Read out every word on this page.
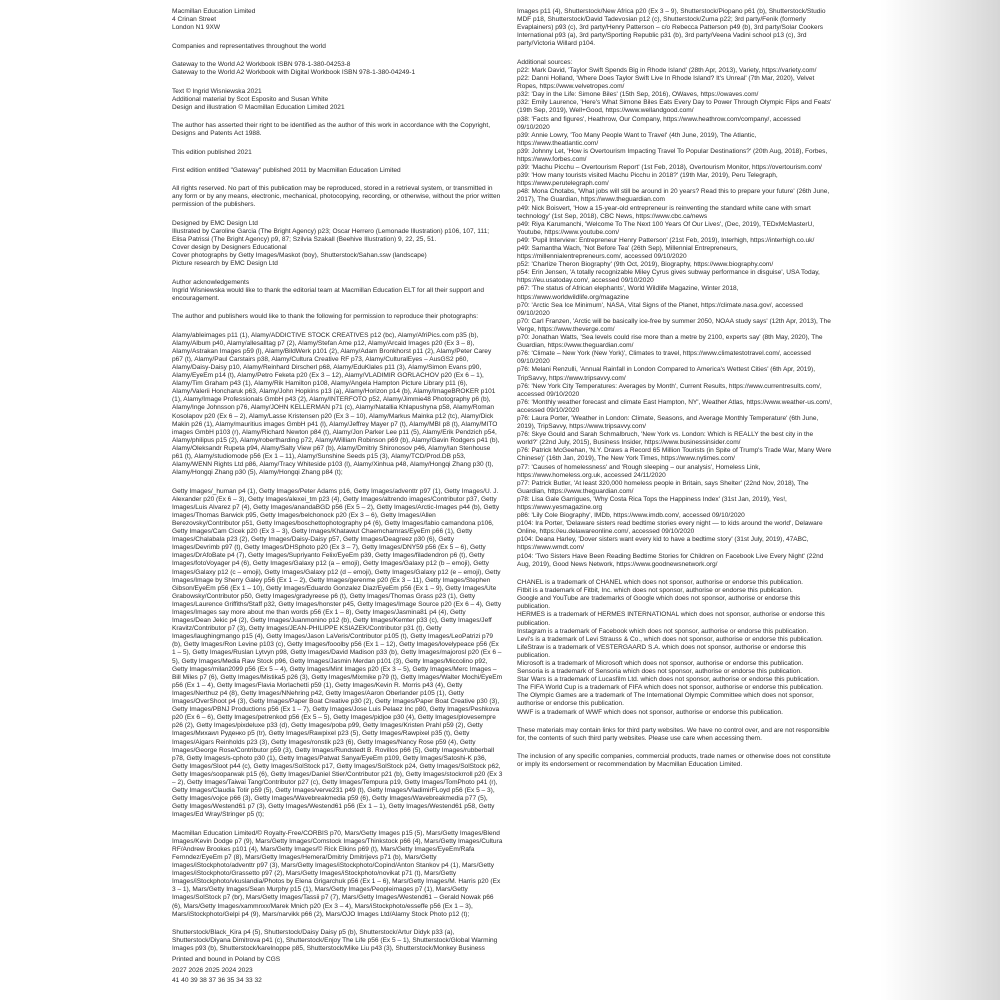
Macmillan Education Limited
4 Crinan Street
London N1 9XW

Companies and representatives throughout the world

Gateway to the World A2 Workbook ISBN 978-1-380-04253-8
Gateway to the World A2 Workbook with Digital Workbook ISBN 978-1-380-04249-1

Text © Ingrid Wisniewska 2021
Additional material by Scot Esposito and Susan White
Design and illustration © Macmillan Education Limited 2021

The author has asserted their right to be identified as the author of this work in accordance with the Copyright, Designs and Patents Act 1988.

This edition published 2021

First edition entitled "Gateway" published 2011 by Macmillan Education Limited

All rights reserved. No part of this publication may be reproduced, stored in a retrieval system, or transmitted in any form or by any means, electronic, mechanical, photocopying, recording, or otherwise, without the prior written permission of the publishers.

Designed by EMC Design Ltd
Illustrated by Caroline Garcia (The Bright Agency) p23; Oscar Herrero (Lemonade Illustration) p106, 107, 111; Elisa Patrissi (The Bright Agency) p9, 87; Szilvia Szakall (Beehive Illustration) 9, 22, 25, 51.
Cover design by Designers Educational
Cover photographs by Getty Images/Maskot (boy), Shutterstock/Sahan.ssw (landscape)
Picture research by EMC Design Ltd

Author acknowledgements
Ingrid Wisniewska would like to thank the editorial team at Macmillan Education ELT for all their support and encouragement.

The author and publishers would like to thank the following for permission to reproduce their photographs:

Alamy/ableimages p11 (1), Alamy/ADDICTIVE STOCK CREATIVES p12 (bc), Alamy/AfriPics.com p35 (b), Alamy/Album p40, Alamy/allesalltag p7 (2), Alamy/Stefan Ame p12, Alamy/Arcaid Images p20 (Ex 3 – 8), Alamy/Astrakan Images p59 (l), Alamy/BildWerk p101 (2), Alamy/Adam Bronkhorst p11 (2), Alamy/Peter Carey p67 (t), Alamy/Paul Carstairs p38, Alamy/Cultura Creative RF p73, Alamy/CulturalEyes – AusGS2 p60, Alamy/Daisy-Daisy p10, Alamy/Reinhard Dirscherl p68, Alamy/EduKlales p11 (3), Alamy/Simon Evans p90, Alamy/EyeEm p14 (t), Alamy/Petro Feketa p20 (Ex 3 – 12), Alamy/VLADIMIR GORLACHOV p20 (Ex 6 – 1), Alamy/Tim Graham p43 (1), Alamy/Rik Hamilton p108, Alamy/Angela Hampton Picture Library p11 (6), Alamy/Valerii Honcharuk p63, Alamy/John Hopkins p13 (a), Alamy/Horizon p14 (b), Alamy/ImageBROKER p101 (1), Alamy/Image Professionals GmbH p43 (2), Alamy/INTERFOTO p52, Alamy/Jimmie48 Photography p6 (b), Alamy/Inge Johnsson p76, Alamy/JOHN KELLERMAN p71 (c), Alamy/Natallia Khlapushyna p58, Alamy/Roman Kosolapov p20 (Ex 6 – 2), Alamy/Lasse Kristensen p20 (Ex 3 – 10), Alamy/Markus Mainka p12 (tc), Alamy/Dick Makin p26 (1), Alamy/mauritius images GmbH p41 (l), Alamy/Jeffrey Mayer p7 (t), Alamy/MBI p8 (t), Alamy/MITO images GmbH p103 (r), Alamy/Richard Newton p84 (t), Alamy/Jon Parker Lee p11 (5), Alamy/Erik Pendzich p54, Alamy/philipus p15 (2), Alamy/robertharding p72, Alamy/William Robinson p69 (b), Alamy/Gavin Rodgers p41 (b), Alamy/Oleksandr Rupeta p94, Alamy/Salty View p67 (b), Alamy/Dmitriy Shironosov p46, Alamy/Ian Stenhouse p61 (t), Alamy/studiomode p56 (Ex 1 – 11), Alamy/Sunshine Seeds p15 (3), Alamy/TCD/Prod.DB p53, Alamy/WENN Rights Ltd p86, Alamy/Tracy Whiteside p103 (l), Alamy/Xinhua p48, Alamy/Hongqi Zhang p30 (t), Alamy/Hongqi Zhang p30 (5), Alamy/Hongqi Zhang p84 (t);

Getty Images/_human p4 (1), Getty Images/Peter Adams p16, Getty Images/adventtr p97 (1), Getty Images/U. J. Alexander p20 (Ex 6 – 3), Getty Images/alexei_tm p23 (4), Getty Images/altrendo images/Contributor p37, Getty Images/Luis Alvarez p7 (4), Getty Images/anandaBGD p56 (Ex 5 – 2), Getty Images/Arctic-Images p44 (b), Getty Images/Thomas Barwick p95, Getty Images/belchonock p20 (Ex 3 – 6), Getty Images/Allen Berezovsky/Contributor p51, Getty Images/boschettophotography p4 (6), Getty Images/fabio camandona p106, Getty Images/Cam Cicek p20 (Ex 3 – 3), Getty Images/Khatawut Chaemchamras/EyeEm p66 (1), Getty Images/Chalabala p23 (2), Getty Images/Daisy-Daisy p57, Getty Images/Deagreez p30 (6), Getty Images/Devrimb p97 (t), Getty Images/DHSphoto p20 (Ex 3 – 7), Getty Images/DNY59 p56 (Ex 5 – 6), Getty Images/DrAfoBate p4 (7), Getty Images/Supriyanto Felix/EyeEm p39, Getty Images/filadendron p6 (t), Getty Images/fotoVoyager p4 (6), Getty Images/Galaxy p12 (a – emoji), Getty Images/Galaxy p12 (b – emoji), Getty Images/Galaxy p12 (c – emoji), Getty Images/Galaxy p12 (d – emoji), Getty Images/Galaxy p12 (e – emoji), Getty Images/Image by Sherry Galey p56 (Ex 1 – 2), Getty Images/gerenme p20 (Ex 3 – 11), Getty Images/Stephen Gibson/EyeEm p56 (Ex 1 – 10), Getty Images/Eduardo Gonzalez Diaz/EyeEm p56 (Ex 1 – 9), Getty Images/Ute Grabowsky/Contributor p50, Getty Images/gradyreese p6 (t), Getty Images/Thomas Grass p23 (1), Getty Images/Laurence Griffiths/Staff p32, Getty Images/honster p45, Getty Images/Image Source p20 (Ex 6 – 4), Getty Images/Images say more about me than words p56 (Ex 1 – 8), Getty Images/Jasmina81 p4 (4), Getty Images/Dean Jekic p4 (2), Getty Images/Juanmonino p12 (b), Getty Images/Kemter p33 (c), Getty Images/Jeff Kravitz/Contributor p7 (3), Getty Images/JEAN-PHILIPPE KSIAZEK/Contributor p31 (t), Getty Images/laughingmango p15 (4), Getty Images/Jason LaVeris/Contributor p105 (t), Getty Images/LeoPatrizi p79 (b), Getty Images/Ron Levine p103 (c), Getty Images/fooolby p56 (Ex 1 – 12), Getty Images/lovelypeace p56 (Ex 1 – 5), Getty Images/Ruslan Lytvyn p98, Getty Images/David Madison p33 (b), Getty Images/majorosl p20 (Ex 6 – 5), Getty Images/Media Raw Stock p96, Getty Images/Jasmin Merdan p101 (3), Getty Images/Miccolino p92, Getty Images/milan2099 p56 (Ex 5 – 4), Getty Images/Mint Images p20 (Ex 3 – 5), Getty Images/Merc Images – Bill Miles p7 (6), Getty Images/Mistika5 p26 (3), Getty Images/Mixmike p79 (t), Getty Images/Walter Mochi/EyeEm p56 (Ex 1 – 4), Getty Images/Flavia Morlachetti p59 (1), Getty Images/Kevin R. Morris p43 (4), Getty Images/Nerthuz p4 (8), Getty Images/NNehring p42, Getty Images/Aaron Oberlander p105 (1), Getty Images/OverShoot p4 (3), Getty Images/Paper Boat Creative p30 (2), Getty Images/Paper Boat Creative p30 (3), Getty Images/PBNJ Productions p56 (Ex 1 – 7), Getty Images/Jose Luis Pelaez Inc p80, Getty Images/Peshkova p20 (Ex 6 – 6), Getty Images/petrenkod p56 (Ex 5 – 5), Getty Images/pidjoe p30 (4), Getty Images/plovesempre p26 (2), Getty Images/pixdeluxe p33 (d), Getty Images/poba p99, Getty Images/Kristen Prahl p59 (2), Getty Images/Михаил Руденко p5 (tr), Getty Images/Rawpixel p23 (5), Getty Images/Rawpixel p35 (t), Getty Images/Aigars Reinholds p23 (3), Getty Images/ronstik p23 (6), Getty Images/Nancy Rose p59 (4), Getty Images/George Rose/Contributor p59 (3), Getty Images/Rundstedt B. Rovillos p66 (5), Getty Images/rubberball p78, Getty Images/s-cphoto p30 (1), Getty Images/Patwat Sanya/EyeEm p109, Getty Images/Satoshi-K p36, Getty Images/Sloot p44 (c), Getty Images/SolStock p17, Getty Images/SolStock p24, Getty Images/SolStock p62, Getty Images/sooparwak p15 (6), Getty Images/Daniel Stier/Contributor p21 (b), Getty Images/stockrroll p20 (Ex 3 – 2), Getty Images/Taiwai Tang/Contributor p27 (c), Getty Images/Tempura p19, Getty Images/TomPhoto p41 (r), Getty Images/Claudia Totir p59 (5), Getty Images/verve231 p49 (t), Getty Images/VladimirFLoyd p56 (Ex 5 – 3), Getty Images/vojce p66 (3), Getty Images/Wavebreakmedia p59 (6), Getty Images/Wavebreakmedia p77 (5), Getty Images/Westend61 p7 (3), Getty Images/Westend61 p56 (Ex 1 – 1), Getty Images/Westend61 p58, Getty Images/Ed Wray/Stringer p5 (t);

Macmillan Education Limited/© Royalty-Free/CORBIS p70, Mars/Getty Images p15 (5), Mars/Getty Images/Blend Images/Kevin Dodge p7 (9), Mars/Getty Images/Comstock Images/Thinkstock p66 (4), Mars/Getty Images/Cultura RF/Andrew Brookes p101 (4), Mars/Getty Images/© Rick Elkins p69 (t), Mars/Getty Images/EyeEm/Rafa Fernndez/EyeEm p7 (8), Mars/Getty Images/Hemera/Dmitriy Dmitrijevs p71 (b), Mars/Getty Images/iStockphoto/adventtr p97 (3), Mars/Getty Images/iStockphoto/Copind/Anton Stankov p4 (1), Mars/Getty Images/iStockphoto/Grassetto p97 (2), Mars/Getty Images/iStockphoto/novikat p71 (t), Mars/Getty Images/iStockphoto/vkuslandia/Photos by Elena Grigarchuk p56 (Ex 1 – 6), Mars/Getty Images/M. Harris p20 (Ex 3 – 1), Mars/Getty Images/Sean Murphy p15 (1), Mars/Getty Images/Peopleimages p7 (1), Mars/Getty Images/SolStock p7 (br), Mars/Getty Images/Tassii p7 (7), Mars/Getty Images/Westend61 – Gerald Nowak p66 (6), Mars/Getty Images/xammnxx/Marek Mnich p20 (Ex 3 – 4), Mars/iStockphoto/esseffe p56 (Ex 1 – 3), Mars/iStockphoto/Gelpi p4 (9), Mars/narvikk p66 (2), Mars/OJO Images Ltd/Alamy Stock Photo p12 (t);

Shutterstock/Black_Kira p4 (5), Shutterstock/Daisy Daisy p5 (b), Shutterstock/Artur Didyk p33 (a), Shutterstock/Diyana Dimitrova p41 (c), Shutterstock/Enjoy The Life p56 (Ex 5 – 1), Shutterstock/Global Warming Images p93 (b), Shutterstock/karelnoppe p85, Shutterstock/Mike Liu p43 (3), Shutterstock/Monkey Business

Images p11 (4), Shutterstock/New Africa p20 (Ex 3 – 9), Shutterstock/Piopano p61 (b), Shutterstock/Studio MDF p18, Shutterstock/David Tadevosian p12 (c), Shutterstock/Zuma p22; 3rd party/Fenik (formerly Evaplainers) p93 (c), 3rd party/Henry Patterson – c/o Rebecca Patterson p49 (b), 3rd party/Solar Cookers International p93 (a), 3rd party/Sporting Republic p31 (b), 3rd party/Veena Vadini school p13 (c), 3rd party/Victoria Willard p104.

Additional sources:
p22: Mark David, 'Taylor Swift Spends Big in Rhode Island' (28th Apr, 2013), Variety, https://variety.com/
p22: Danni Holland, 'Where Does Taylor Swift Live In Rhode Island? It's Unreal' (7th Mar, 2020), Velvet Ropes, https://www.velvetropes.com/
p32: 'Day in the Life: Simone Biles' (15th Sep, 2016), OWaves, https://owaves.com/
p32: Emily Laurence, 'Here's What Simone Biles Eats Every Day to Power Through Olympic Flips and Feats' (19th Sep, 2019), Well+Good, https://www.wellandgood.com/
p38: 'Facts and figures', Heathrow, Our Company, https://www.heathrow.com/company/, accessed 09/10/2020
p39: Annie Lowry, 'Too Many People Want to Travel' (4th June, 2019), The Atlantic, https://www.theatlantic.com/
p39: Johnny Let, 'How is Overtourism Impacting Travel To Popular Destinations?' (20th Aug, 2018), Forbes, https://www.forbes.com/
p39: 'Machu Picchu – Overtourism Report' (1st Feb, 2018), Overtourism Monitor, https://overtourism.com/
p39: 'How many tourists visited Machu Picchu in 2018?' (19th Mar, 2019), Peru Telegraph, https://www.perutelegraph.com/
p48: Mona Chotabs, 'What jobs will still be around in 20 years? Read this to prepare your future' (26th June, 2017), The Guardian, https://www.theguardian.com
p49: Nick Boisvert, 'How a 15-year-old entrepreneur is reinventing the standard white cane with smart technology' (1st Sep, 2018), CBC News, https://www.cbc.ca/news
p49: Riya Karumanchi, 'Welcome To The Next 100 Years Of Our Lives', (Dec, 2019), TEDxMcMasterU, Youtube, https://www.youtube.com/
p49: 'Pupil Interview: Entrepreneur Henry Patterson' (21st Feb, 2019), Interhigh, https://interhigh.co.uk/
p49: Samantha Wach, 'Not Before Tea' (26th Sep), Millennial Entrepreneurs, https://millennialentrepreneurs.com/, accessed 09/10/2020
p52: 'Charlize Theron Biography' (9th Oct, 2019), Biography, https://www.biography.com/
p54: Erin Jensen, 'A totally recognizable Miley Cyrus gives subway performance in disguise', USA Today, https://eu.usatoday.com/, accessed 09/10/2020
p67: 'The status of African elephants', World Wildlife Magazine, Winter 2018, https://www.worldwildlife.org/magazine
p70: 'Arctic Sea Ice Minimum', NASA, Vital Signs of the Planet, https://climate.nasa.gov/, accessed 09/10/2020
p70: Carl Franzen, 'Arctic will be basically ice-free by summer 2050, NOAA study says' (12th Apr, 2013), The Verge, https://www.theverge.com/
p70: Jonathan Watts, 'Sea levels could rise more than a metre by 2100, experts say' (8th May, 2020), The Guardian, https://www.theguardian.com/
p76: 'Climate – New York (New York)', Climates to travel, https://www.climatestotravel.com/, accessed 09/10/2020
p76: Melani Renzulli, 'Annual Rainfall in London Compared to America's Wettest Cities' (6th Apr, 2019), TripSavvy, https://www.tripsavvy.com/
p76: 'New York City Temperatures: Averages by Month', Current Results, https://www.currentresults.com/, accessed 09/10/2020
p76: 'Monthly weather forecast and climate East Hampton, NY', Weather Atlas, https://www.weather-us.com/, accessed 09/10/2020
p76: Laura Porter, 'Weather in London: Climate, Seasons, and Average Monthly Temperature' (6th June, 2019), TripSavvy, https://www.tripsavvy.com/
p76: Skye Gould and Sarah Schmalbruch, 'New York vs. London: Which is REALLY the best city in the world?' (22nd July, 2015), Business Insider, https://www.businessinsider.com/
p76: Patrick McGeehan, 'N.Y. Draws a Record 65 Million Tourists (in Spite of Trump's Trade War, Many Were Chinese)' (16th Jan, 2019), The New York Times, https://www.nytimes.com/
p77: 'Causes of homelessness' and 'Rough sleeping – our analysis', Homeless Link, https://www.homeless.org.uk, accessed 24/11/2020
p77: Patrick Butler, 'At least 320,000 homeless people in Britain, says Shelter' (22nd Nov, 2018), The Guardian, https://www.theguardian.com/
p78: Lisa Gale Garrigues, 'Why Costa Rica Tops the Happiness Index' (31st Jan, 2019), Yes!, https://www.yesmagazine.org
p86: 'Lily Cole Biography', IMDb, https://www.imdb.com/, accessed 09/10/2020
p104: Ira Porter, 'Delaware sisters read bedtime stories every night — to kids around the world', Delaware Online, https://eu.delawareonline.com/, accessed 09/10/2020
p104: Deana Harley, 'Dover sisters want every kid to have a bedtime story' (31st July, 2019), 47ABC, https://www.wmdt.com/
p104: 'Two Sisters Have Been Reading Bedtime Stories for Children on Facebook Live Every Night' (22nd Aug, 2019), Good News Network, https://www.goodnewsnetwork.org/

CHANEL is a trademark of CHANEL which does not sponsor, authorise or endorse this publication.
Fitbit is a trademark of Fitbit, Inc. which does not sponsor, authorise or endorse this publication.
Google and YouTube are trademarks of Google which does not sponsor, authorise or endorse this publication.
HERMES is a trademark of HERMES INTERNATIONAL which does not sponsor, authorise or endorse this publication.
Instagram is a trademark of Facebook which does not sponsor, authorise or endorse this publication.
Levi's is a trademark of Levi Strauss & Co., which does not sponsor, authorise or endorse this publication.
LifeStraw is a trademark of VESTERGAARD S.A. which does not sponsor, authorise or endorse this publication.
Microsoft is a trademark of Microsoft which does not sponsor, authorise or endorse this publication.
Sensoria is a trademark of Sensoria which does not sponsor, authorise or endorse this publication.
Star Wars is a trademark of Lucasfilm Ltd. which does not sponsor, authorise or endorse this publication.
The FIFA World Cup is a trademark of FIFA which does not sponsor, authorise or endorse this publication.
The Olympic Games are a trademark of The International Olympic Committee which does not sponsor, authorise or endorse this publication.
WWF is a trademark of WWF which does not sponsor, authorise or endorse this publication.

These materials may contain links for third party websites. We have no control over, and are not responsible for, the contents of such third party websites. Please use care when accessing them.

The inclusion of any specific companies, commercial products, trade names or otherwise does not constitute or imply its endorsement or recommendation by Macmillan Education Limited.

Printed and bound in Poland by CGS

2027 2026 2025 2024 2023

41 40 39 38 37 36 35 34 33 32
